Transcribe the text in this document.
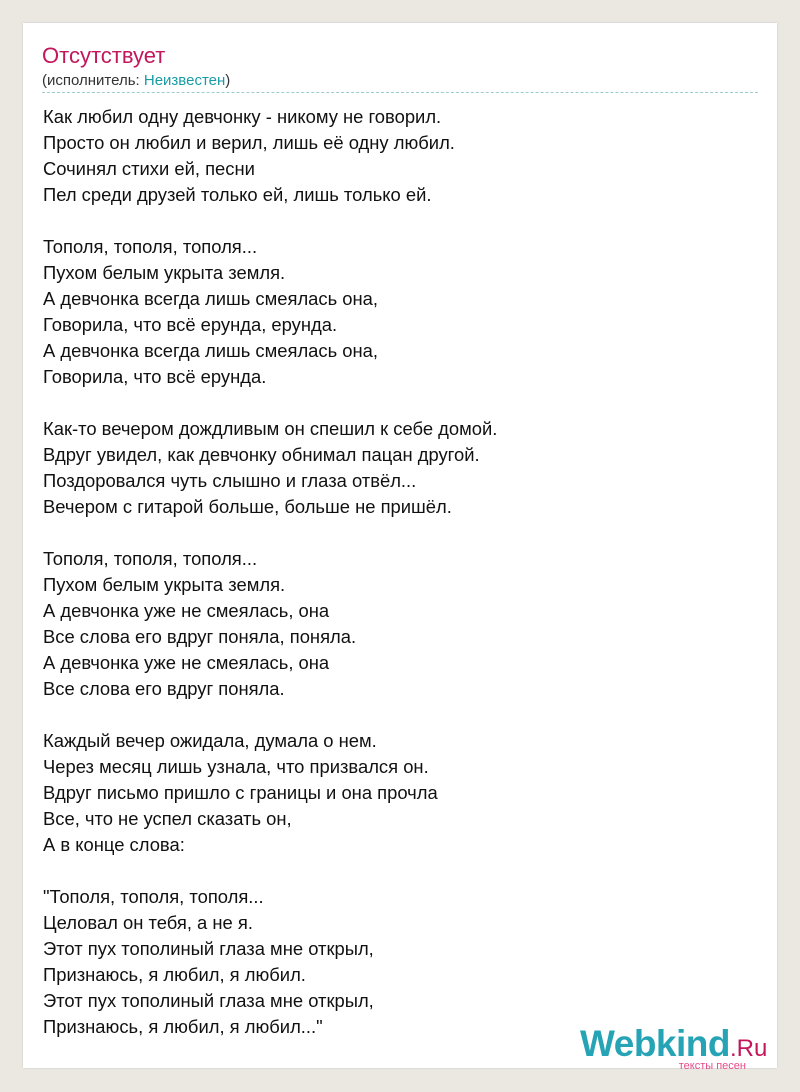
Отсутствует
(исполнитель: Неизвестен)
Как любил одну девчонку - никому не говорил.
Просто он любил и верил, лишь её одну любил.
Сочинял стихи ей, песни
Пел среди друзей только ей, лишь только ей.

Тополя, тополя, тополя...
Пухом белым укрыта земля.
А девчонка всегда лишь смеялась она,
Говорила, что всё ерунда, ерунда.
А девчонка всегда лишь смеялась она,
Говорила, что всё ерунда.

Как-то вечером дождливым он спешил к себе домой.
Вдруг увидел, как девчонку обнимал пацан другой.
Поздоровался чуть слышно и глаза отвёл...
Вечером с гитарой больше, больше не пришёл.

Тополя, тополя, тополя...
Пухом белым укрыта земля.
А девчонка уже не смеялась, она
Все слова его вдруг поняла, поняла.
А девчонка уже не смеялась, она
Все слова его вдруг поняла.

Каждый вечер ожидала, думала о нем.
Через месяц лишь узнала, что призвался он.
Вдруг письмо пришло с границы и она прочла
Все, что не успел сказать он,
А в конце слова:

"Тополя, тополя, тополя...
Целовал он тебя, а не я.
Этот пух тополиный глаза мне открыл,
Признаюсь, я любил, я любил.
Этот пух тополиный глаза мне открыл,
Признаюсь, я любил, я любил..."	Webkind.Ru
тексты песен
